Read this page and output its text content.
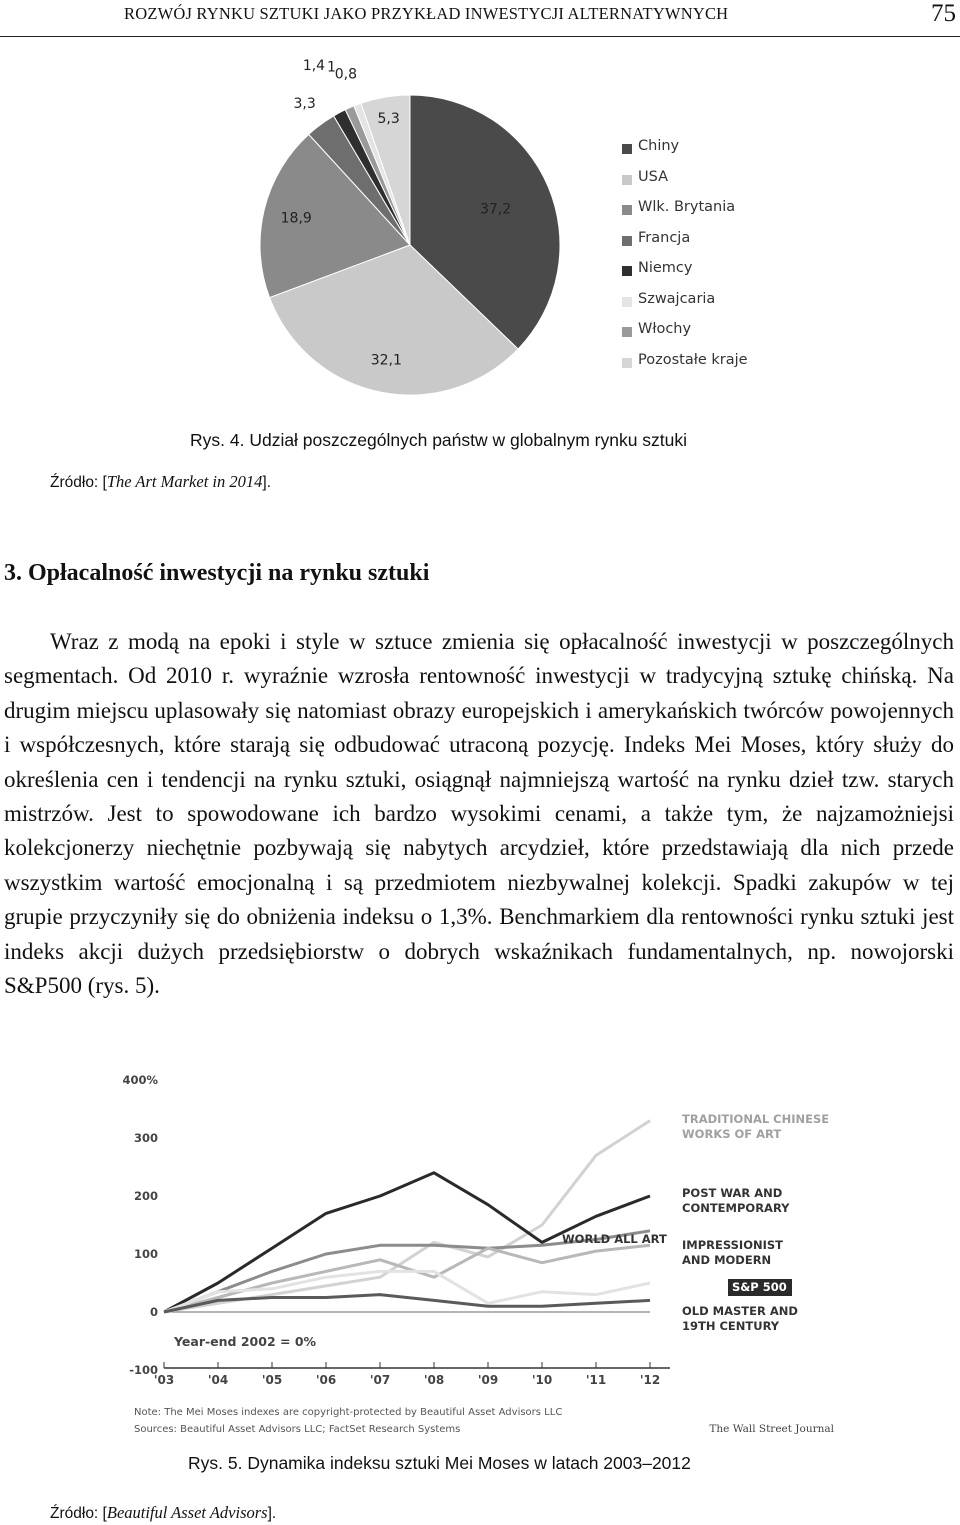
ROZWÓJ RYNKU SZTUKI JAKO PRZYKŁAD INWESTYCJI ALTERNATYWNYCH	75
37,2
32,1
18,9
3,3
1,4 1
0,8
5,3
Chiny
USA
Wlk. Brytania
Francja
Niemcy
Szwajcaria
Włochy
Pozostałe kraje
Rys. 4. Udział poszczególnych państw w globalnym rynku sztuki
Źródło: [The Art Market in 2014].
3. Opłacalność inwestycji na rynku sztuki
Wraz z modą na epoki i style w sztuce zmienia się opłacalność inwestycji w poszczególnych segmentach. Od 2010 r. wyraźnie wzrosła rentowność inwestycji w tradycyjną sztukę chińską. Na drugim miejscu uplasowały się natomiast obrazy europejskich i amerykańskich twórców powojennych i współczesnych, które starają się odbudować utraconą pozycję. Indeks Mei Moses, który służy do określenia cen i tendencji na rynku sztuki, osiągnął najmniejszą wartość na rynku dzieł tzw. starych mistrzów. Jest to spowodowane ich bardzo wysokimi cenami, a także tym, że najzamożniejsi kolekcjonerzy niechętnie pozbywają się nabytych arcydzieł, które przedstawiają dla nich przede wszystkim wartość emocjonalną i są przedmiotem niezbywalnej kolekcji. Spadki zakupów w tej grupie przyczyniły się do obniżenia indeksu o 1,3%. Benchmarkiem dla rentowności rynku sztuki jest indeks akcji dużych przedsiębiorstw o dobrych wskaźnikach fundamentalnych, np. nowojorski S&P500 (rys. 5).
400%
300
200
100
0
-100
'03	'04	'05	'06	'07	'08	'09	'10	'11	'12
Year-end 2002 = 0%
TRADITIONAL CHINESE WORKS OF ART
POST WAR AND CONTEMPORARY
WORLD ALL ART IMPRESSIONIST AND MODERN
S&P 500
OLD MASTER AND 19TH CENTURY
Note: The Mei Moses indexes are copyright-protected by Beautiful Asset Advisors LLC
Sources: Beautiful Asset Advisors LLC; FactSet Research Systems	The Wall Street Journal
Rys. 5. Dynamika indeksu sztuki Mei Moses w latach 2003–2012
Źródło: [Beautiful Asset Advisors].
